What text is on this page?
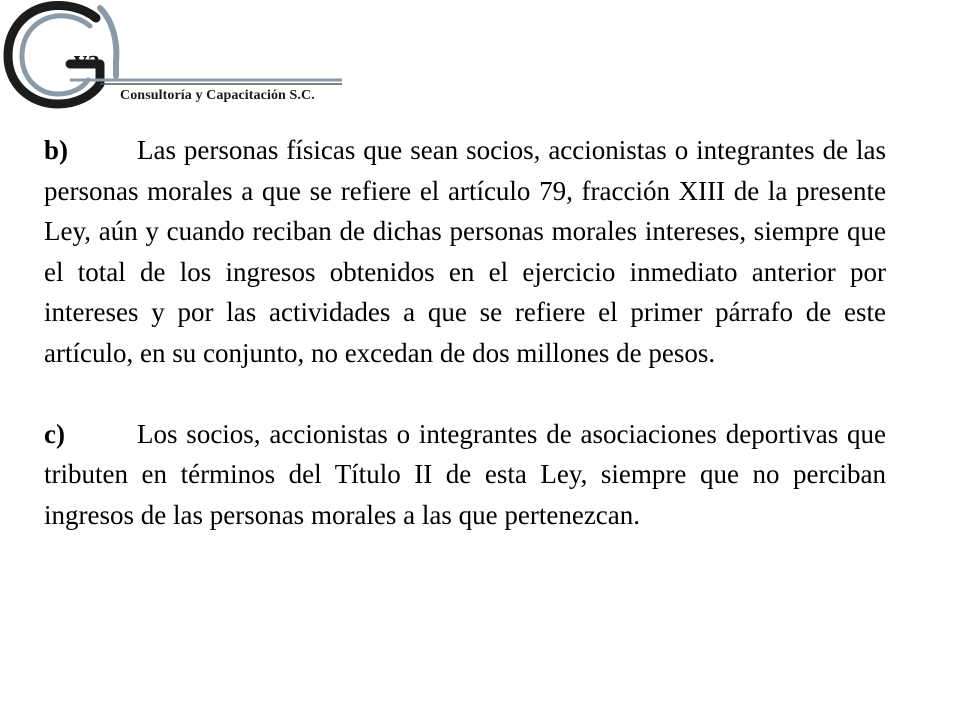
va
Consultoría y Capacitación S.C.

b)	Las personas físicas que sean socios, accionistas o integrantes de las personas morales a que se refiere el artículo 79, fracción XIII de la presente Ley, aún y cuando reciban de dichas personas morales intereses, siempre que el total de los ingresos obtenidos en el ejercicio inmediato anterior por intereses y por las actividades a que se refiere el primer párrafo de este artículo, en su conjunto, no excedan de dos millones de pesos.

c)	Los socios, accionistas o integrantes de asociaciones deportivas que tributen en términos del Título II de esta Ley, siempre que no perciban ingresos de las personas morales a las que pertenezcan.
